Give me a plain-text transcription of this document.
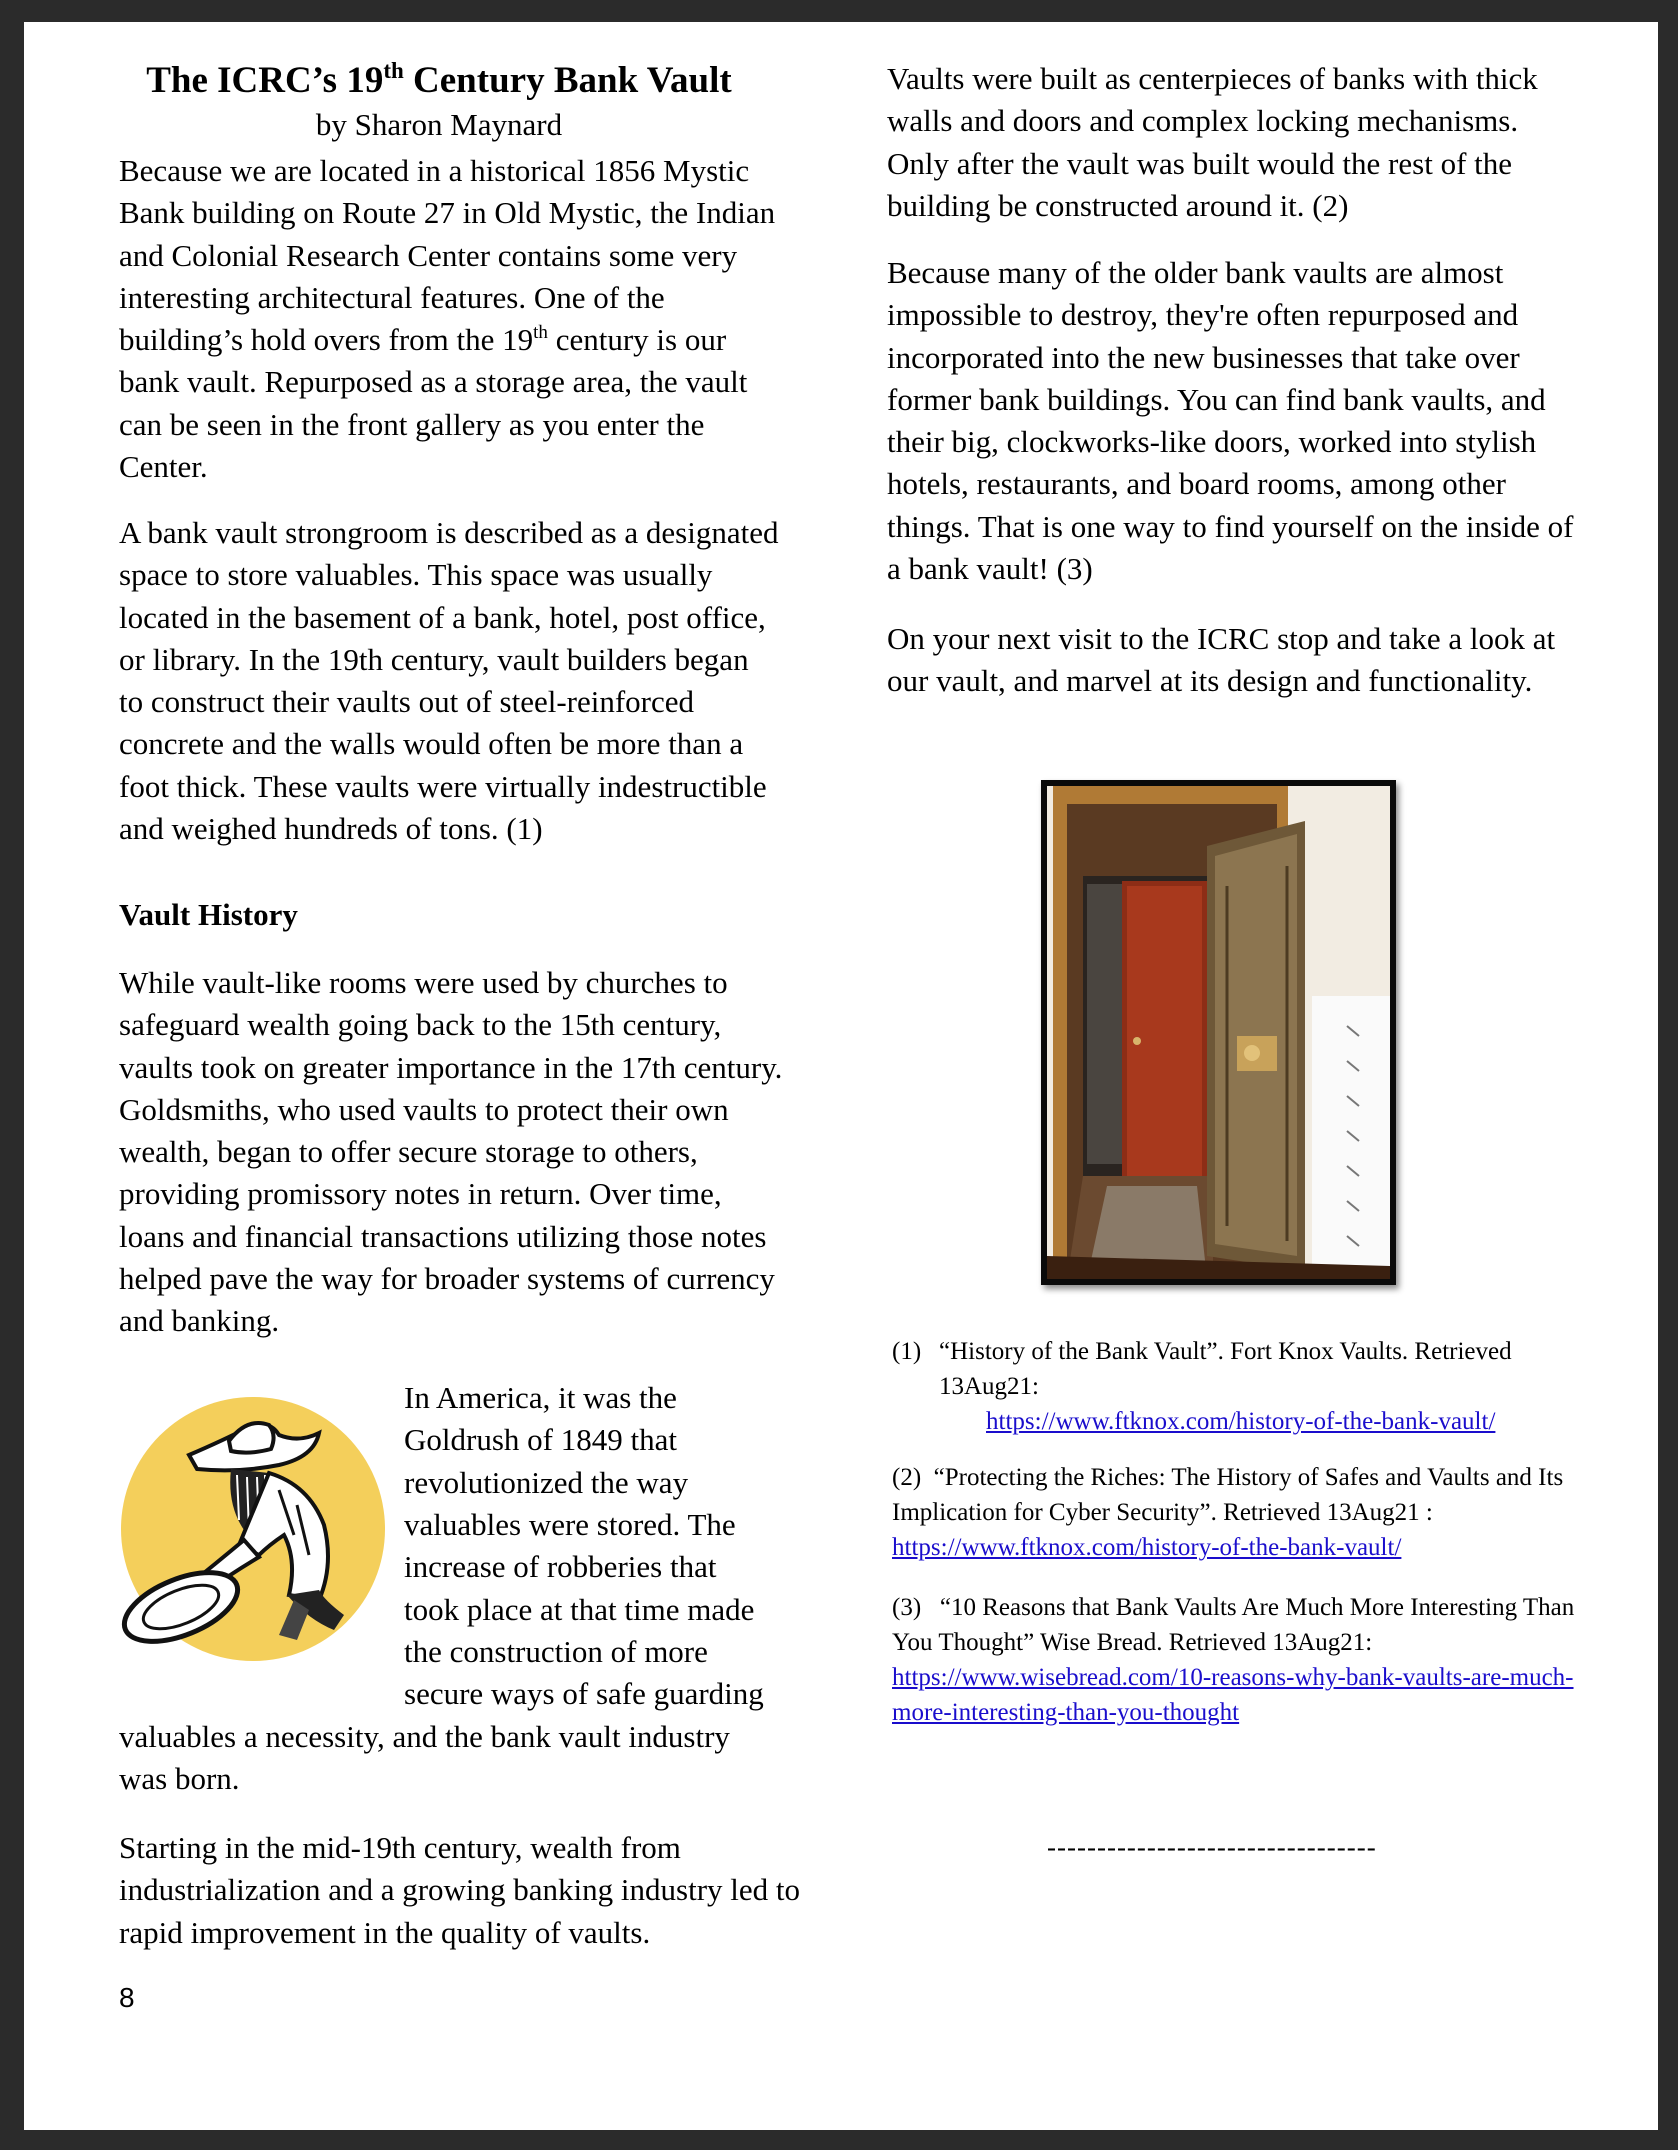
The ICRC’s 19th Century Bank Vault
by Sharon Maynard

Because we are located in a historical 1856 Mystic Bank building on Route 27 in Old Mystic, the Indian and Colonial Research Center contains some very interesting architectural features. One of the building’s hold overs from the 19th century is our bank vault. Repurposed as a storage area, the vault can be seen in the front gallery as you enter the Center.

A bank vault strongroom is described as a designated space to store valuables. This space was usually located in the basement of a bank, hotel, post office, or library. In the 19th century, vault builders began to construct their vaults out of steel-reinforced concrete and the walls would often be more than a foot thick. These vaults were virtually indestructible and weighed hundreds of tons. (1)

Vault History

While vault-like rooms were used by churches to safeguard wealth going back to the 15th century, vaults took on greater importance in the 17th century. Goldsmiths, who used vaults to protect their own wealth, began to offer secure storage to others, providing promissory notes in return. Over time, loans and financial transactions utilizing those notes helped pave the way for broader systems of currency and banking.

In America, it was the

Goldrush of 1849 that

revolutionized the way

valuables were stored. The

increase of robberies that

took place at that time made

the construction of more

secure ways of safe guarding

valuables a necessity, and the bank vault industry was born.

Starting in the mid-19th century, wealth from industrialization and a growing banking industry led to rapid improvement in the quality of vaults.

Vaults were built as centerpieces of banks with thick walls and doors and complex locking mechanisms. Only after the vault was built would the rest of the building be constructed around it. (2)

Because many of the older bank vaults are almost impossible to destroy, they're often repurposed and incorporated into the new businesses that take over former bank buildings. You can find bank vaults, and their big, clockworks-like doors, worked into stylish hotels, restaurants, and board rooms, among other things. That is one way to find yourself on the inside of a bank vault! (3)

On your next visit to the ICRC stop and take a look at our vault, and marvel at its design and functionality.

(1) “History of the Bank Vault”. Fort Knox Vaults. Retrieved 13Aug21:

https://www.ftknox.com/history-of-the-bank-vault/

(2) “Protecting the Riches: The History of Safes and Vaults and Its Implication for Cyber Security”. Retrieved 13Aug21 :

https://www.ftknox.com/history-of-the-bank-vault/

(3) “10 Reasons that Bank Vaults Are Much More Interesting Than You Thought” Wise Bread. Retrieved 13Aug21: https://www.wisebread.com/10-reasons-why-bank-vaults-are-much-more-interesting-than-you-thought

---------------------------------
8
